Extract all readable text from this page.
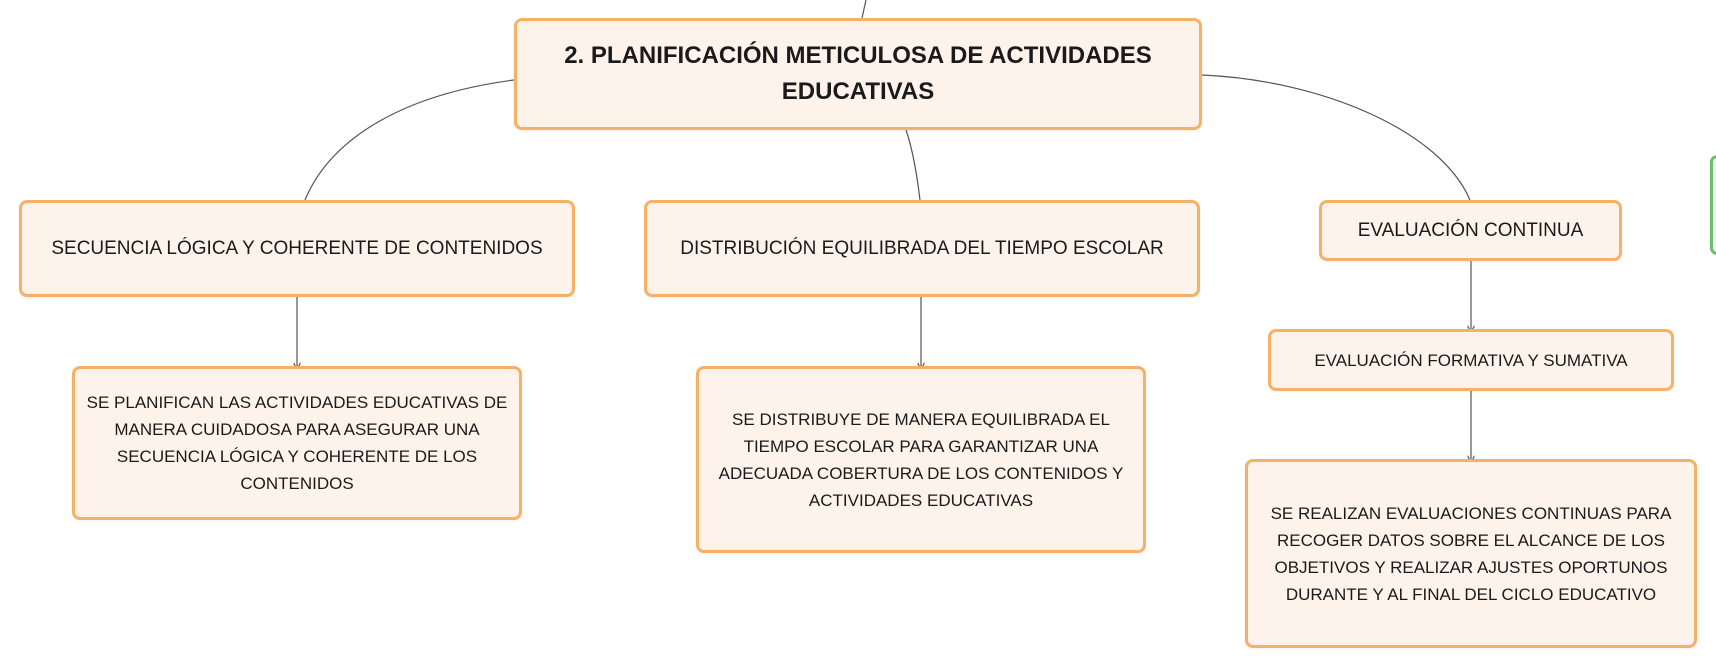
2. PLANIFICACIÓN METICULOSA DE ACTIVIDADES EDUCATIVAS
SECUENCIA LÓGICA Y COHERENTE DE CONTENIDOS
SE PLANIFICAN LAS ACTIVIDADES EDUCATIVAS DE MANERA CUIDADOSA PARA ASEGURAR UNA SECUENCIA LÓGICA Y COHERENTE DE LOS CONTENIDOS
DISTRIBUCIÓN EQUILIBRADA DEL TIEMPO ESCOLAR
SE DISTRIBUYE DE MANERA EQUILIBRADA EL TIEMPO ESCOLAR PARA GARANTIZAR UNA ADECUADA COBERTURA DE LOS CONTENIDOS Y ACTIVIDADES EDUCATIVAS
EVALUACIÓN CONTINUA
EVALUACIÓN FORMATIVA Y SUMATIVA
SE REALIZAN EVALUACIONES CONTINUAS PARA RECOGER DATOS SOBRE EL ALCANCE DE LOS OBJETIVOS Y REALIZAR AJUSTES OPORTUNOS DURANTE Y AL FINAL DEL CICLO EDUCATIVO
